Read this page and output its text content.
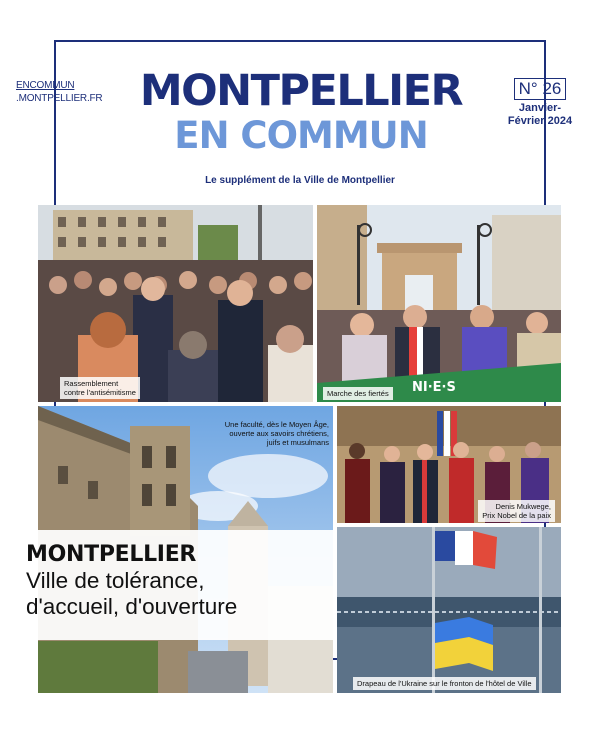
ENCOMMUN
.MONTPELLIER.FR MONTPELLIER
EN COMMUN
N° 26
Janvier-
Février 2024
Le supplément de la Ville de Montpellier
Rassemblement
contre l'antisémitisme	NI·E·S
Marche des fiertés
Une faculté, dès le Moyen Âge,
ouverte aux savoirs chrétiens,
juifs et musulmans
Denis Mukwege,
Prix Nobel de la paix
Drapeau de l'Ukraine sur le fronton de l'hôtel de Ville
MONTPELLIER
Ville de tolérance,
d'accueil, d'ouverture
